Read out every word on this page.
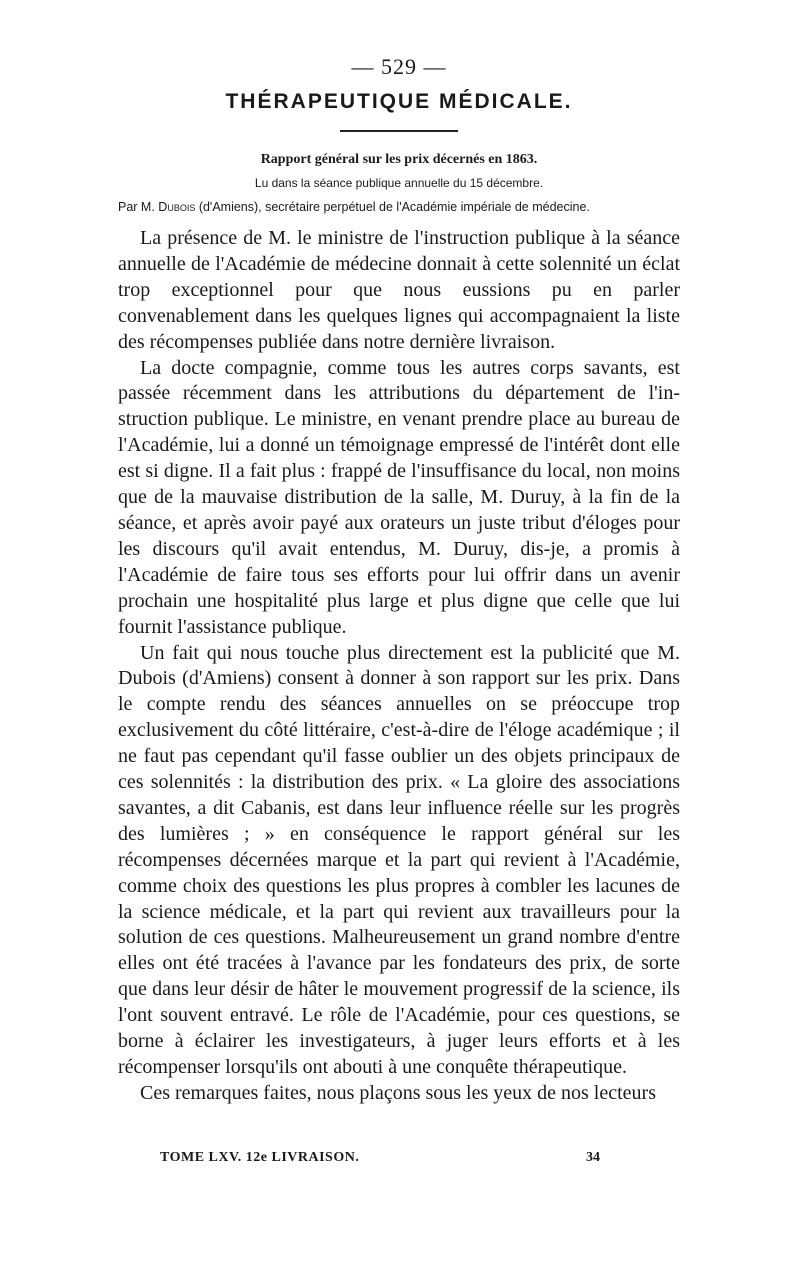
— 529 —

THÉRAPEUTIQUE MÉDICALE.

Rapport général sur les prix décernés en 1863.

Lu dans la séance publique annuelle du 15 décembre.

Par M. Dubois (d'Amiens), secrétaire perpétuel de l'Académie impériale de médecine.

La présence de M. le ministre de l'instruction publique à la séance annuelle de l'Académie de médecine donnait à cette solennité un éclat trop exceptionnel pour que nous eussions pu en parler convenablement dans les quelques lignes qui accompagnaient la liste des récompenses publiée dans notre dernière livraison.

La docte compagnie, comme tous les autres corps savants, est passée récemment dans les attributions du département de l'instruction publique. Le ministre, en venant prendre place au bureau de l'Académie, lui a donné un témoignage empressé de l'intérêt dont elle est si digne. Il a fait plus : frappé de l'insuffisance du local, non moins que de la mauvaise distribution de la salle, M. Duruy, à la fin de la séance, et après avoir payé aux orateurs un juste tribut d'éloges pour les discours qu'il avait entendus, M. Duruy, dis-je, a promis à l'Académie de faire tous ses efforts pour lui offrir dans un avenir prochain une hospitalité plus large et plus digne que celle que lui fournit l'assistance publique.

Un fait qui nous touche plus directement est la publicité que M. Dubois (d'Amiens) consent à donner à son rapport sur les prix. Dans le compte rendu des séances annuelles on se préoccupe trop exclusivement du côté littéraire, c'est-à-dire de l'éloge académique ; il ne faut pas cependant qu'il fasse oublier un des objets principaux de ces solennités : la distribution des prix. « La gloire des associations savantes, a dit Cabanis, est dans leur influence réelle sur les progrès des lumières ; » en conséquence le rapport général sur les récompenses décernées marque et la part qui revient à l'Académie, comme choix des questions les plus propres à combler les lacunes de la science médicale, et la part qui revient aux travailleurs pour la solution de ces questions. Malheureusement un grand nombre d'entre elles ont été tracées à l'avance par les fondateurs des prix, de sorte que dans leur désir de hâter le mouvement progressif de la science, ils l'ont souvent entravé. Le rôle de l'Académie, pour ces questions, se borne à éclairer les investigateurs, à juger leurs efforts et à les récompenser lorsqu'ils ont abouti à une conquête thérapeutique.

Ces remarques faites, nous plaçons sous les yeux de nos lecteurs

TOME LXV. 12e LIVRAISON.	34
